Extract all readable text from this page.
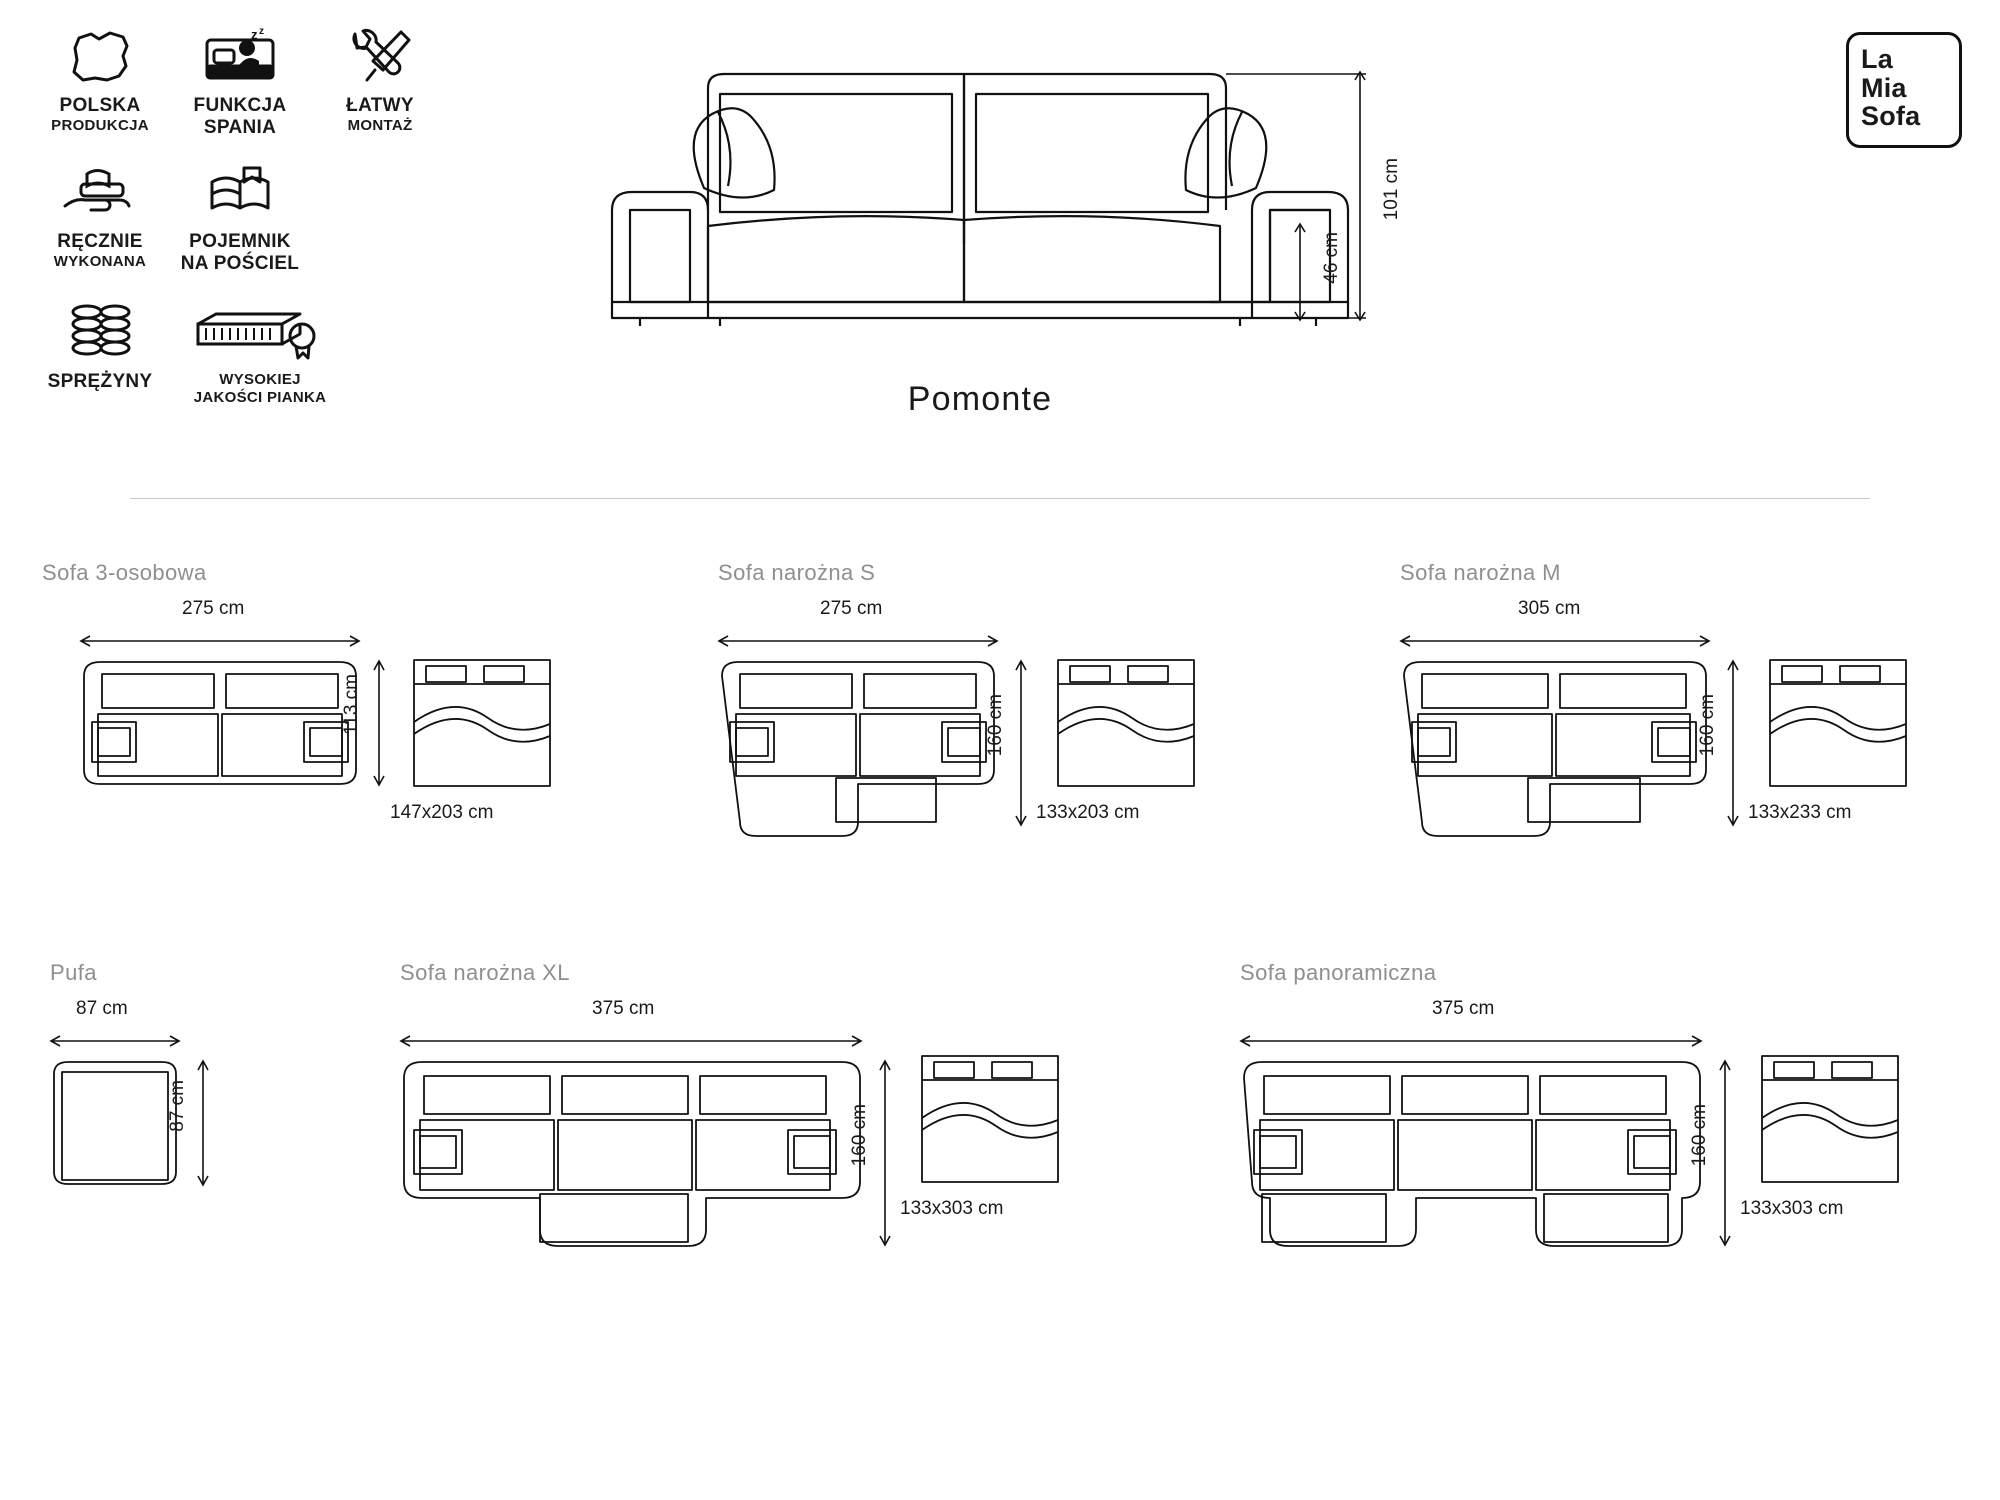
POLSKA
PRODUKCJA
z z
FUNKCJA
SPANIA
ŁATWY
MONTAŻ
RĘCZNIE
WYKONANA
POJEMNIK
NA POŚCIEL
SPRĘŻYNY	WYSOKIEJ
JAKOŚCI PIANKA
La
Mia
Sofa
101 cm
46 cm
Pomonte
Sofa 3-osobowa
275 cm
113 cm
147x203 cm
Sofa narożna S
275 cm
160 cm
133x203 cm
Sofa narożna M
305 cm
160 cm
133x233 cm
Pufa
87 cm
87 cm
Sofa narożna XL
375 cm
160 cm
133x303 cm
Sofa panoramiczna
375 cm
160 cm
133x303 cm
